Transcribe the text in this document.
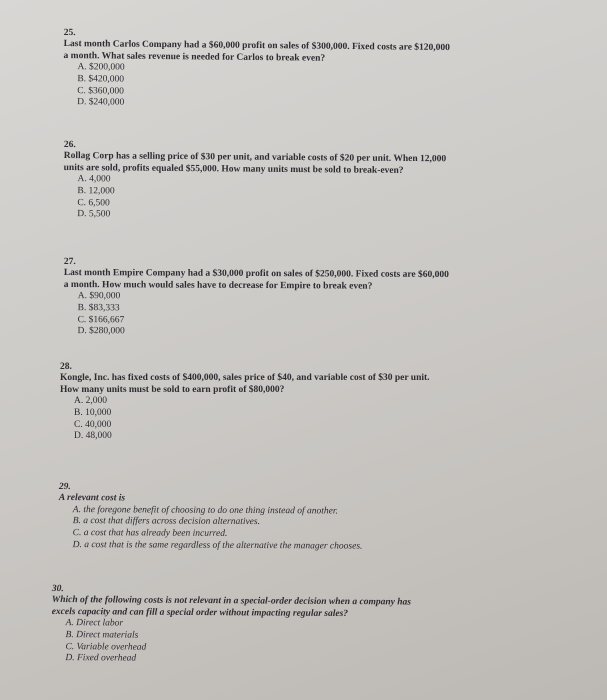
25.
Last month Carlos Company had a $60,000 profit on sales of $300,000. Fixed costs are $120,000
a month. What sales revenue is needed for Carlos to break even?

A. $200,000
B. $420,000
C. $360,000
D. $240,000

26.
Rollag Corp has a selling price of $30 per unit, and variable costs of $20 per unit. When 12,000
units are sold, profits equaled $55,000. How many units must be sold to break-even?

A. 4,000
B. 12,000
C. 6,500
D. 5,500

27.
Last month Empire Company had a $30,000 profit on sales of $250,000. Fixed costs are $60,000
a month. How much would sales have to decrease for Empire to break even?

A. $90,000
B. $83,333
C. $166,667
D. $280,000

28.
Kongle, Inc. has fixed costs of $400,000, sales price of $40, and variable cost of $30 per unit.
How many units must be sold to earn profit of $80,000?

A. 2,000
B. 10,000
C. 40,000
D. 48,000

29.
A relevant cost is

A. the foregone benefit of choosing to do one thing instead of another.
B. a cost that differs across decision alternatives.
C. a cost that has already been incurred.
D. a cost that is the same regardless of the alternative the manager chooses.

30.
Which of the following costs is not relevant in a special-order decision when a company has
excels capacity and can fill a special order without impacting regular sales?

A. Direct labor
B. Direct materials
C. Variable overhead
D. Fixed overhead
